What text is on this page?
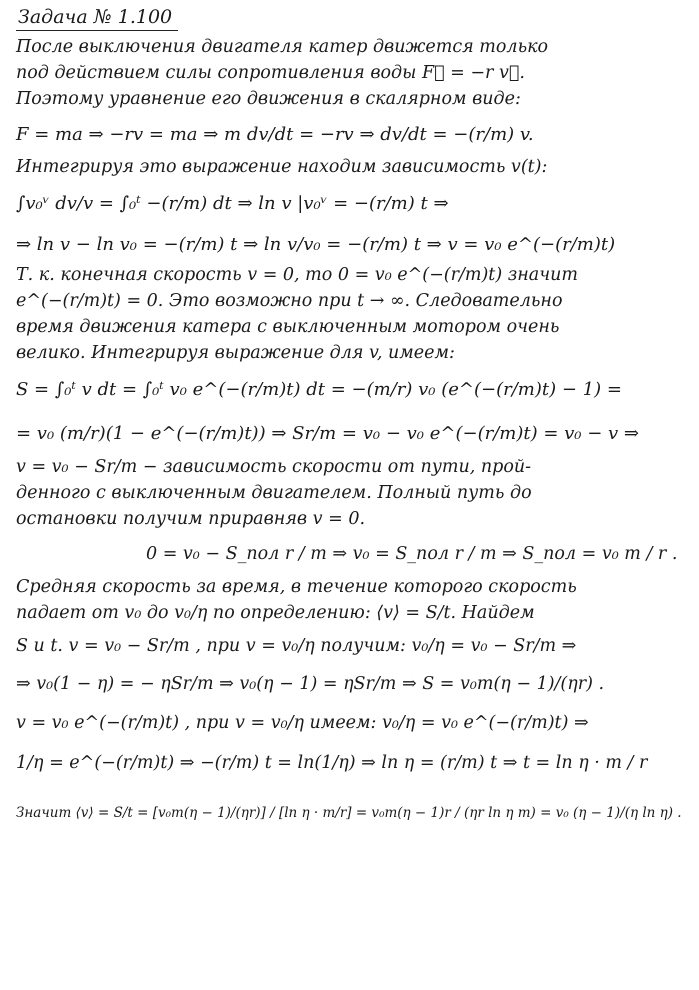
Задача № 1.100

После выключения двигателя катер движется только

под действием силы сопротивления воды F⃗ = −r v⃗.

Поэтому уравнение его движения в скалярном виде:

F = ma ⇒ −rv = ma ⇒ m dv/dt = −rv ⇒ dv/dt = −(r/m) v.

Интегрируя это выражение находим зависимость v(t):

∫v₀ᵛ dv/v = ∫₀ᵗ −(r/m) dt ⇒ ln v |v₀ᵛ = −(r/m) t ⇒
⇒ ln v − ln v₀ = −(r/m) t ⇒ ln v/v₀ = −(r/m) t ⇒ v = v₀ e^(−(r/m)t)

Т. к. конечная скорость v = 0, то 0 = v₀ e^(−(r/m)t) значит

e^(−(r/m)t) = 0. Это возможно при t → ∞. Следовательно

время движения катера с выключенным мотором очень

велико. Интегрируя выражение для v, имеем:

S = ∫₀ᵗ v dt = ∫₀ᵗ v₀ e^(−(r/m)t) dt = −(m/r) v₀ (e^(−(r/m)t) − 1) =
= v₀ (m/r)(1 − e^(−(r/m)t)) ⇒ Sr/m = v₀ − v₀ e^(−(r/m)t) = v₀ − v ⇒

v = v₀ − Sr/m − зависимость скорости от пути, прой-

денного с выключенным двигателем. Полный путь до

остановки получим приравняв v = 0.

0 = v₀ − S_пол r / m ⇒ v₀ = S_пол r / m ⇒ S_пол = v₀ m / r .

Средняя скорость за время, в течение которого скорость

падает от v₀ до v₀/η по определению: ⟨v⟩ = S/t. Найдем

S и t. v = v₀ − Sr/m , при v = v₀/η получим: v₀/η = v₀ − Sr/m ⇒
⇒ v₀(1 − η) = − ηSr/m ⇒ v₀(η − 1) = ηSr/m ⇒ S = v₀m(η − 1)/(ηr) .
v = v₀ e^(−(r/m)t) , при v = v₀/η имеем: v₀/η = v₀ e^(−(r/m)t) ⇒
1/η = e^(−(r/m)t) ⇒ −(r/m) t = ln(1/η) ⇒ ln η = (r/m) t ⇒ t = ln η · m / r
Значит ⟨v⟩ = S/t = [v₀m(η − 1)/(ηr)] / [ln η · m/r] = v₀m(η − 1)r / (ηr ln η m) = v₀ (η − 1)/(η ln η) .
